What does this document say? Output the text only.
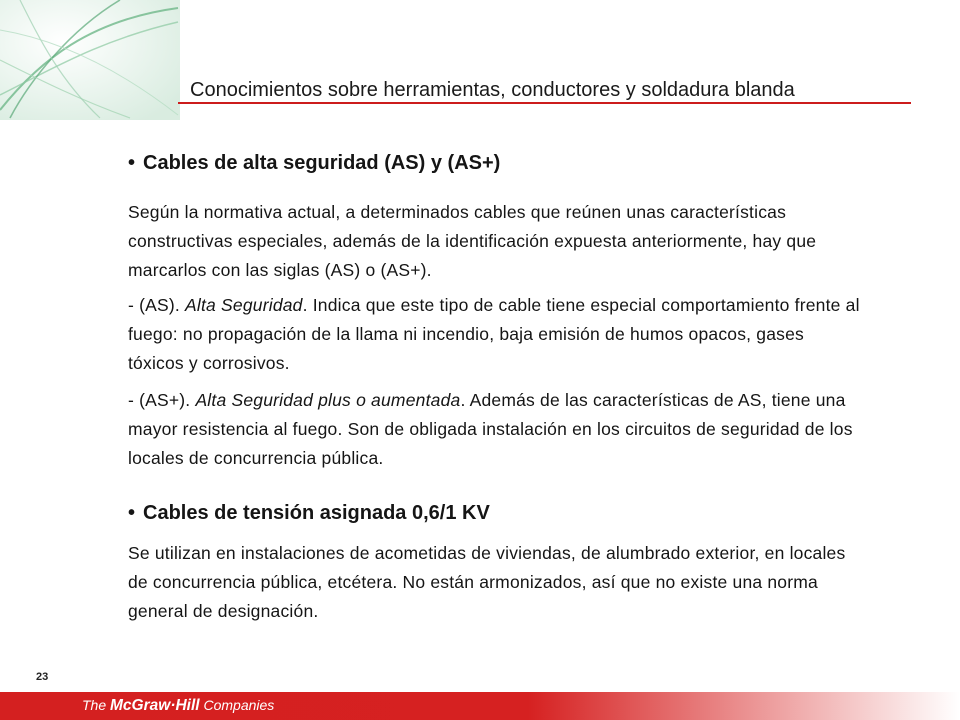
Conocimientos sobre herramientas, conductores y soldadura blanda
• Cables de alta seguridad (AS) y (AS+)
Según la normativa actual, a determinados cables que reúnen unas características constructivas especiales, además de la identificación expuesta anteriormente, hay que marcarlos con las siglas (AS) o (AS+).
- (AS). Alta Seguridad. Indica que este tipo de cable tiene especial comportamiento frente al fuego: no propagación de la llama ni incendio, baja emisión de humos opacos, gases tóxicos y corrosivos.
- (AS+). Alta Seguridad plus o aumentada. Además de las características de AS, tiene una mayor resistencia al fuego. Son de obligada instalación en los circuitos de seguridad de los locales de concurrencia pública.
• Cables de tensión asignada 0,6/1 KV
Se utilizan en instalaciones de acometidas de viviendas, de alumbrado exterior, en locales de concurrencia pública, etcétera. No están armonizados, así que no existe una norma general de designación.
23
The McGraw·Hill Companies
